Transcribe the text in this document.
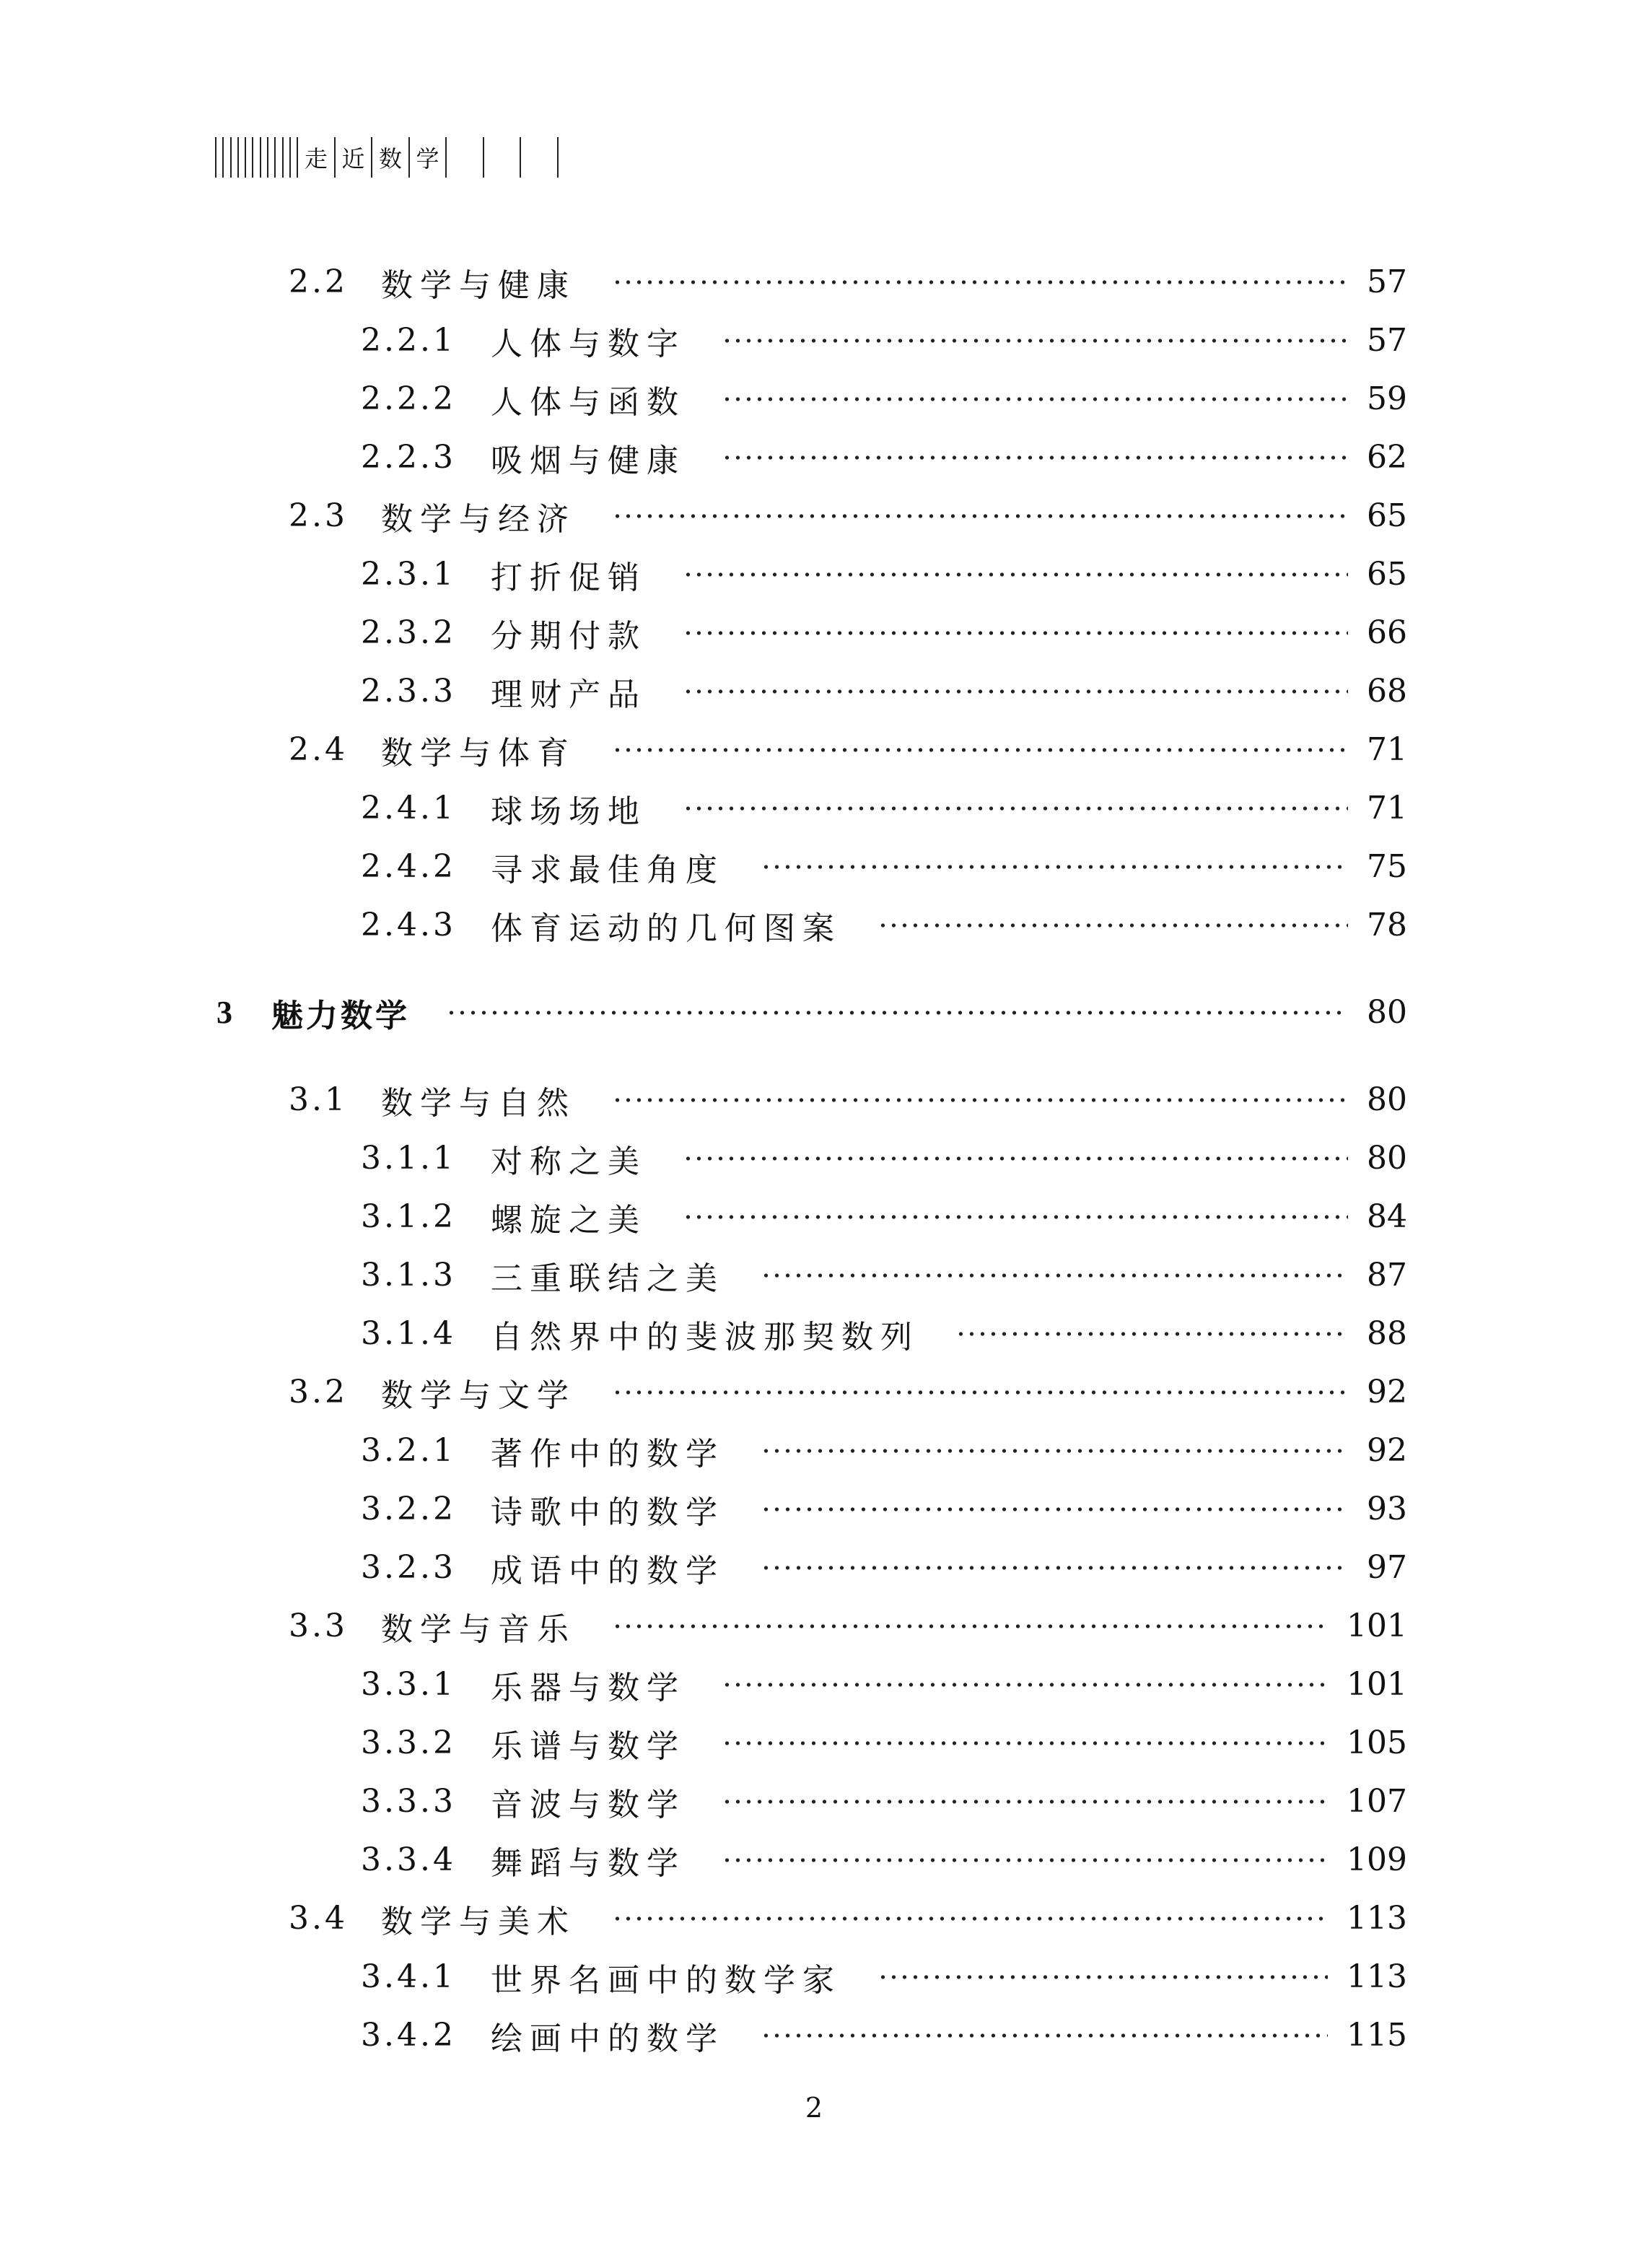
走 近 数 学
2.2	数学与健康	57
2.2.1	人体与数字	57
2.2.2	人体与函数	59
2.2.3	吸烟与健康	62
2.3	数学与经济	65
2.3.1	打折促销	65
2.3.2	分期付款	66
2.3.3	理财产品	68
2.4	数学与体育	71
2.4.1	球场场地	71
2.4.2	寻求最佳角度	75
2.4.3	体育运动的几何图案	78
3	魅力数学	80
3.1	数学与自然	80
3.1.1	对称之美	80
3.1.2	螺旋之美	84
3.1.3	三重联结之美	87
3.1.4	自然界中的斐波那契数列	88
3.2	数学与文学	92
3.2.1	著作中的数学	92
3.2.2	诗歌中的数学	93
3.2.3	成语中的数学	97
3.3	数学与音乐	101
3.3.1	乐器与数学	101
3.3.2	乐谱与数学	105
3.3.3	音波与数学	107
3.3.4	舞蹈与数学	109
3.4	数学与美术	113
3.4.1	世界名画中的数学家	113
3.4.2	绘画中的数学	115
2
